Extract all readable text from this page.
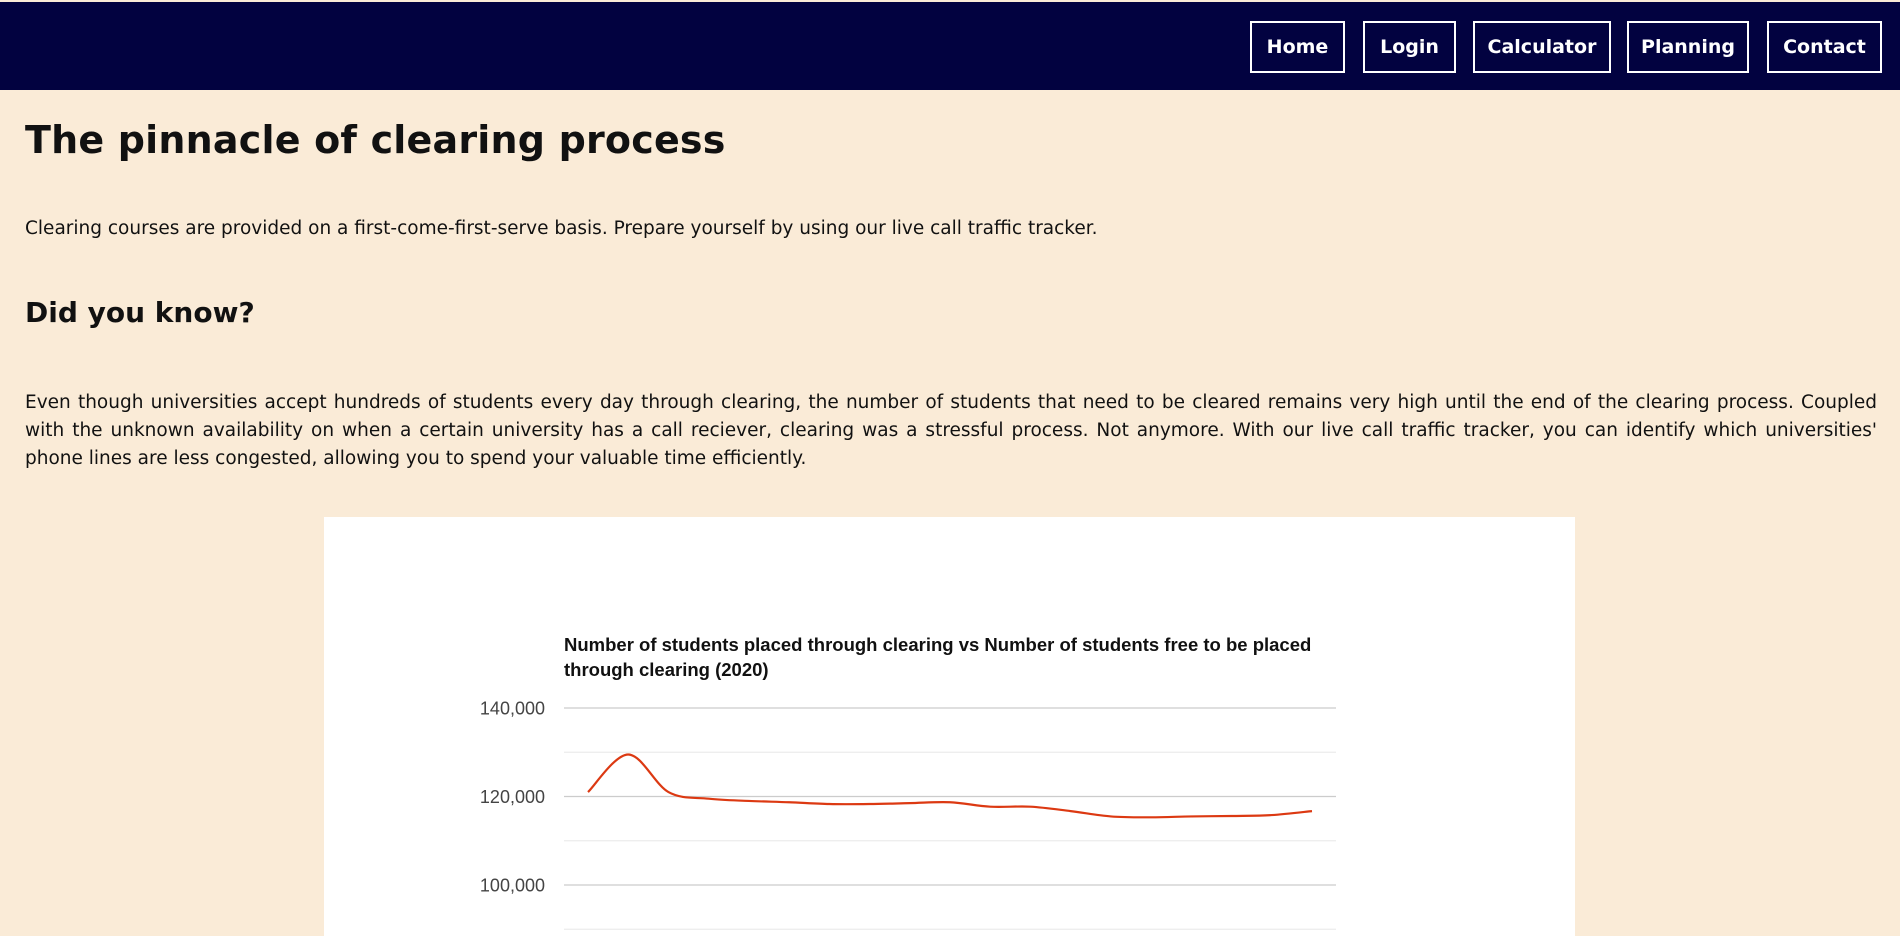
Home	Login	Calculator	Planning	Contact
The pinnacle of clearing process

Clearing courses are provided on a first-come-first-serve basis. Prepare yourself by using our live call traffic tracker.

Did you know?

Even though universities accept hundreds of students every day through clearing, the number of students that need to be cleared remains very high until the end of the clearing process. Coupled with the unknown availability on when a certain university has a call reciever, clearing was a stressful process. Not anymore. With our live call traffic tracker, you can identify which universities' phone lines are less congested, allowing you to spend your valuable time efficiently.

Number of students placed through clearing vs Number of students free to be placed
through clearing (2020)
140,000
120,000
100,000
